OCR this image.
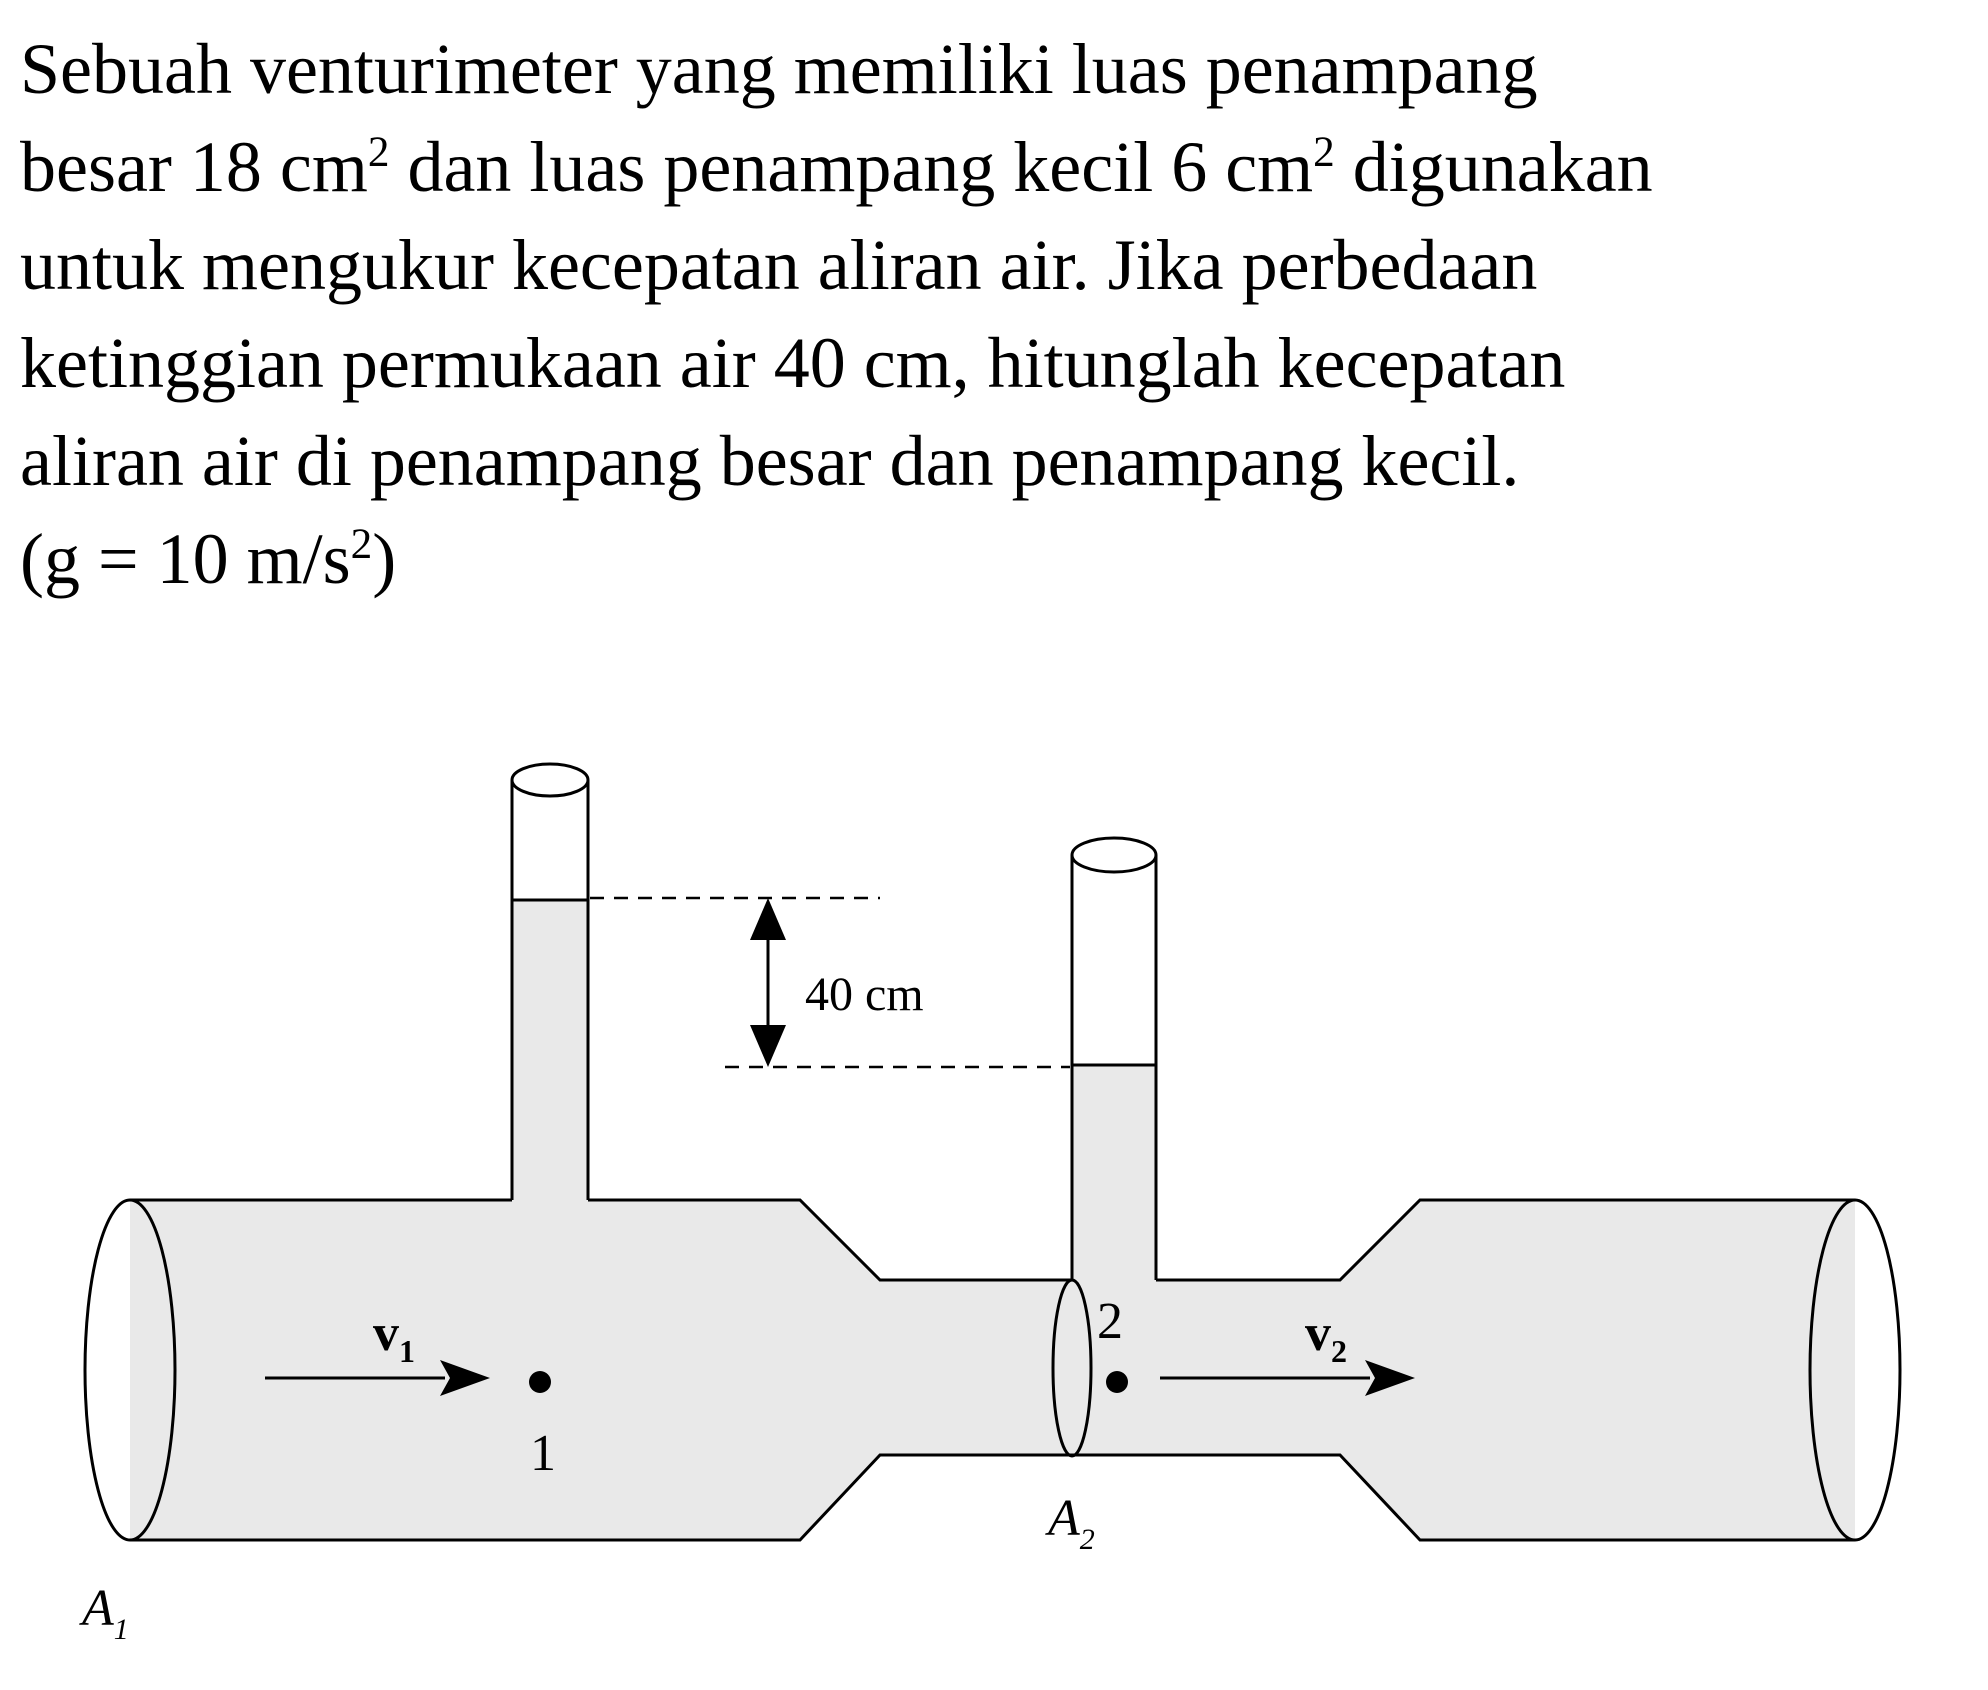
Sebuah venturimeter yang memiliki luas penampang
besar 18 $cm^2$ dan luas penampang kecil 6 $cm^2$ digunakan
untuk mengukur kecepatan aliran air. Jika perbedaan
ketinggian permukaan air 40 cm, hitunglah kecepatan
aliran air di penampang besar dan penampang kecil.
(g = 10 $m/s^2$)
40 cm
$v_1$
1
2	$v_2$
$A_2$
$A_1$
